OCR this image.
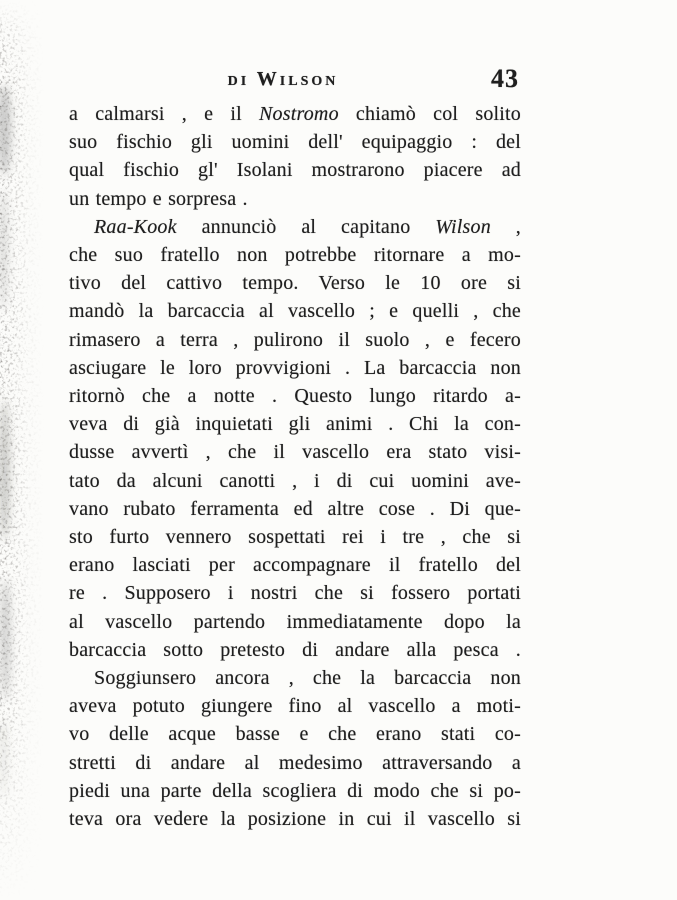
di Wilson	43
a calmarsi , e il Nostromo chiamò col solito
suo fischio gli uomini dell' equipaggio : del
qual fischio gl' Isolani mostrarono piacere ad
un tempo e sorpresa .
Raa-Kook annunciò al capitano Wilson ,
che suo fratello non potrebbe ritornare a mo-
tivo del cattivo tempo. Verso le 10 ore si
mandò la barcaccia al vascello ; e quelli , che
rimasero a terra , pulirono il suolo , e fecero
asciugare le loro provvigioni . La barcaccia non
ritornò che a notte . Questo lungo ritardo a-
veva di già inquietati gli animi . Chi la con-
dusse avvertì , che il vascello era stato visi-
tato da alcuni canotti , i di cui uomini ave-
vano rubato ferramenta ed altre cose . Di que-
sto furto vennero sospettati rei i tre , che si
erano lasciati per accompagnare il fratello del
re . Supposero i nostri che si fossero portati
al vascello partendo immediatamente dopo la
barcaccia sotto pretesto di andare alla pesca .
Soggiunsero ancora , che la barcaccia non
aveva potuto giungere fino al vascello a moti-
vo delle acque basse e che erano stati co-
stretti di andare al medesimo attraversando a
piedi una parte della scogliera di modo che si po-
teva ora vedere la posizione in cui il vascello si
